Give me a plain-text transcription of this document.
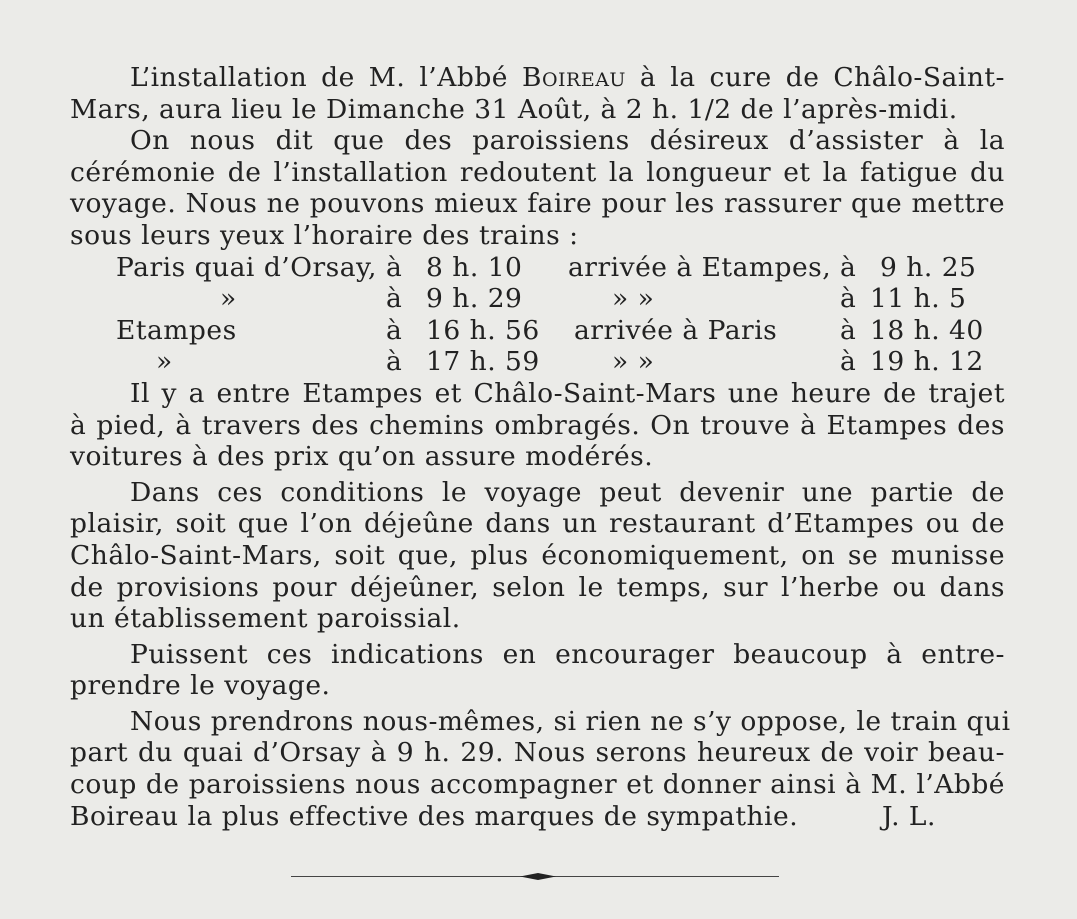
L’installation de M. l’Abbé Boireau à la cure de Châlo-Saint-
Mars, aura lieu le Dimanche 31 Août, à 2 h. 1/2 de l’après-midi.
On nous dit que des paroissiens désireux d’assister à la
cérémonie de l’installation redoutent la longueur et la fatigue du
voyage. Nous ne pouvons mieux faire pour les rassurer que mettre
sous leurs yeux l’horaire des trains :
Paris quai d’Orsay, à 8 h. 10 arrivée à Etampes, à 9 h. 25
»	à 9 h. 29	» »	à 11 h. 5
Etampes	à 16 h. 56 arrivée à Paris à 18 h. 40
»	à 17 h. 59	» »	à 19 h. 12
Il y a entre Etampes et Châlo-Saint-Mars une heure de trajet
à pied, à travers des chemins ombragés. On trouve à Etampes des
voitures à des prix qu’on assure modérés.
Dans ces conditions le voyage peut devenir une partie de
plaisir, soit que l’on déjeûne dans un restaurant d’Etampes ou de
Châlo-Saint-Mars, soit que, plus économiquement, on se munisse
de provisions pour déjeûner, selon le temps, sur l’herbe ou dans
un établissement paroissial.
Puissent ces indications en encourager beaucoup à entre-
prendre le voyage.
Nous prendrons nous-mêmes, si rien ne s’y oppose, le train qui
part du quai d’Orsay à 9 h. 29. Nous serons heureux de voir beau-
coup de paroissiens nous accompagner et donner ainsi à M. l’Abbé
Boireau la plus effective des marques de sympathie.	J. L.
